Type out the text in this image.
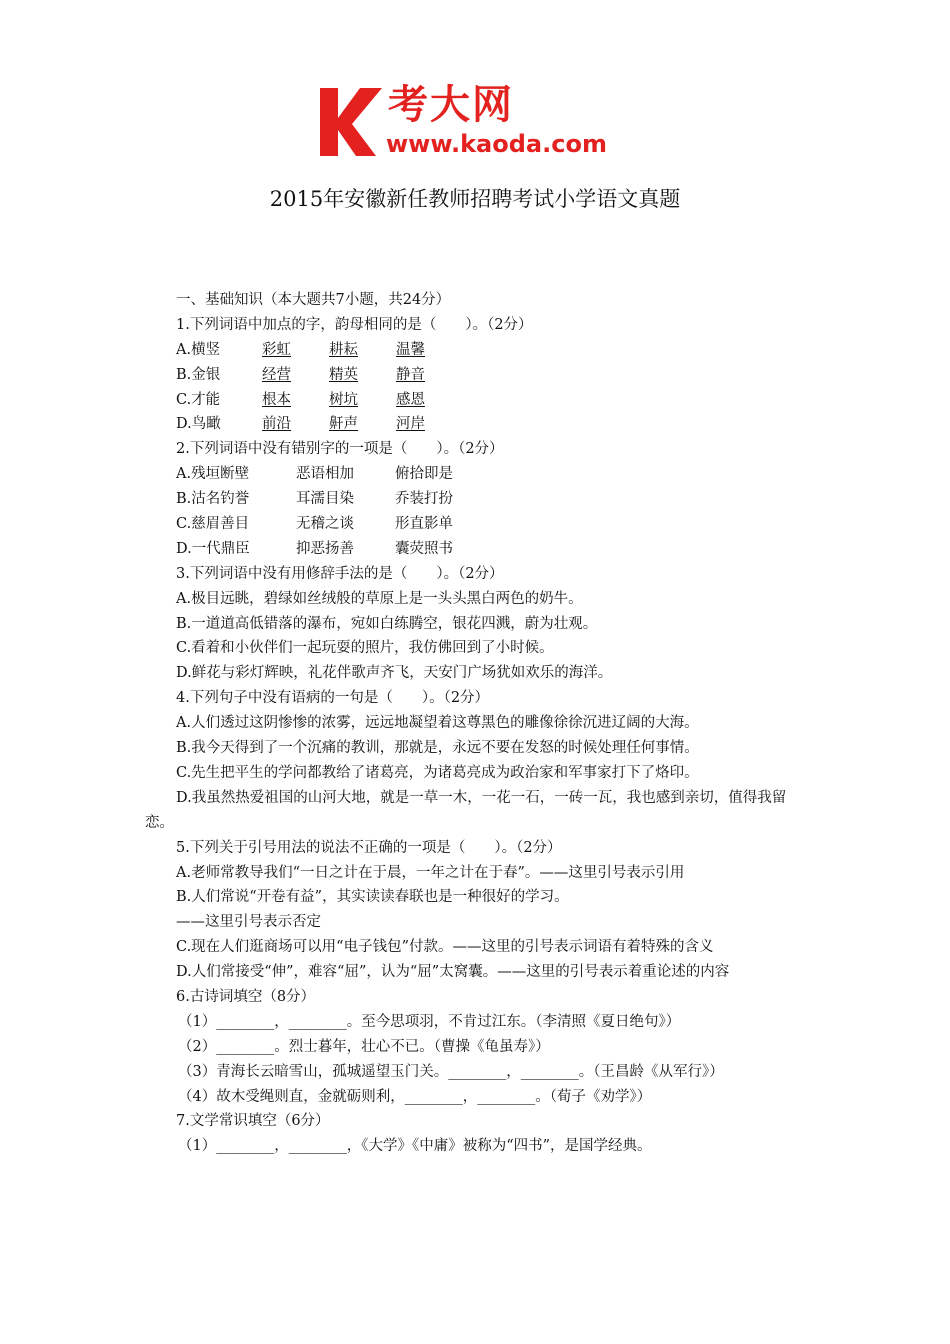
考大网
www.kaoda.com
2015年安徽新任教师招聘考试小学语文真题
一、基础知识（本大题共7小题，共24分）
1.下列词语中加点的字，韵母相同的是（　　）。（2分）
A.横竖	彩虹	耕耘	温馨
B.金银	经营	精英	静音
C.才能	根本	树坑	感恩
D.鸟瞰	前沿	鼾声	河岸
2.下列词语中没有错别字的一项是（　　）。（2分）
A.残垣断壁	恶语相加	俯拾即是
B.沽名钓誉	耳濡目染	乔装打扮
C.慈眉善目	无稽之谈	形直影单
D.一代鼎臣	抑恶扬善	囊荧照书
3.下列词语中没有用修辞手法的是（　　）。（2分）
A.极目远眺，碧绿如丝绒般的草原上是一头头黑白两色的奶牛。
B.一道道高低错落的瀑布，宛如白练腾空，银花四溅，蔚为壮观。
C.看着和小伙伴们一起玩耍的照片，我仿佛回到了小时候。
D.鲜花与彩灯辉映，礼花伴歌声齐飞，天安门广场犹如欢乐的海洋。
4.下列句子中没有语病的一句是（　　）。（2分）
A.人们透过这阴惨惨的浓雾，远远地凝望着这尊黑色的雕像徐徐沉进辽阔的大海。
B.我今天得到了一个沉痛的教训，那就是，永远不要在发怒的时候处理任何事情。
C.先生把平生的学问都教给了诸葛亮，为诸葛亮成为政治家和军事家打下了烙印。
D.我虽然热爱祖国的山河大地，就是一草一木，一花一石，一砖一瓦，我也感到亲切，值得我留恋。
5.下列关于引号用法的说法不正确的一项是（　　）。（2分）
A.老师常教导我们“一日之计在于晨，一年之计在于春”。——这里引号表示引用
B.人们常说“开卷有益”，其实读读春联也是一种很好的学习。
——这里引号表示否定
C.现在人们逛商场可以用“电子钱包”付款。——这里的引号表示词语有着特殊的含义
D.人们常接受“伸”，难容“屈”，认为“屈”太窝囊。——这里的引号表示着重论述的内容
6.古诗词填空（8分）
（1）________，________。至今思项羽，不肯过江东。（李清照《夏日绝句》）
（2）________。烈士暮年，壮心不已。（曹操《龟虽寿》）
（3）青海长云暗雪山，孤城遥望玉门关。________，________。（王昌龄《从军行》）
（4）故木受绳则直，金就砺则利，________，________。（荀子《劝学》）
7.文学常识填空（6分）
（1）________，________，《大学》《中庸》被称为“四书”，是国学经典。
